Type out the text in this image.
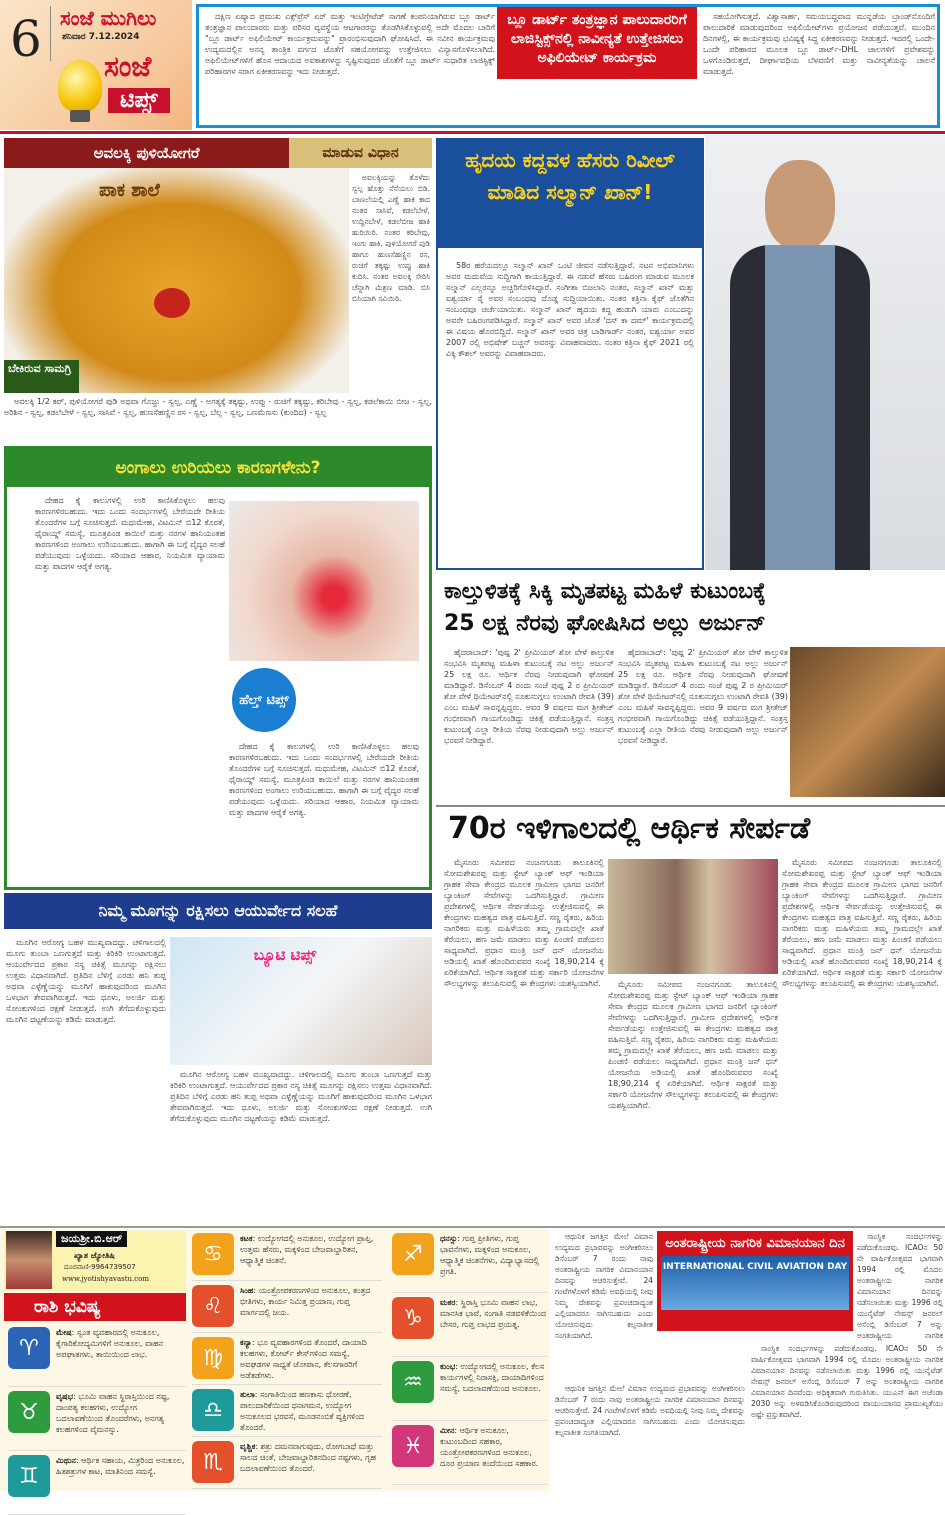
6 ಸಂಜೆ ಮುಗಿಲು
ಶನಿವಾರ 7.12.2024
ಸಂಜೆ
ಟಿಪ್ಸ್
ದಕ್ಷಿಣ ಏಷ್ಯಾದ ಪ್ರಮುಖ ಎಕ್ಸ್‌ಪ್ರೆಸ್ ಏರ್ ಮತ್ತು ಇಂಟಿಗ್ರೇಟೆಡ್ ಸಾಗಣೆ ಕಂಪನಿಯಾಗಿರುವ ಬ್ಲೂ ಡಾರ್ಟ್ ತಂತ್ರಜ್ಞಾನ ಪಾಲುದಾರರು ಮತ್ತು ಪರಿಸರ ವ್ಯವಸ್ಥೆಯ ಆಟಗಾರರನ್ನು ತೊಡಗಿಸಿಕೊಳ್ಳುವಲ್ಲಿ ಅದೇ ಮೊದಲ ಬಾರಿಗೆ "ಬ್ಲೂ ಡಾರ್ಟ್ ಅಫಿಲಿಯೇಟ್ ಕಾರ್ಯಕ್ರಮವನ್ನು" ಪ್ರಾರಂಭಿಸುವುದಾಗಿ ಘೋಷಿಸಿದೆ. ಈ ನವೀನ ಕಾರ್ಯಕ್ರಮವು ಉದ್ಯಮದಲ್ಲಿನ ಅನನ್ಯ ತಾಂತ್ರಿಕ ವರ್ಗದ ಜೊತೆಗೆ ಸಹಯೋಗವನ್ನು ಉತ್ತೇಜಿಸಲು ವಿನ್ಯಾಸಗೊಳಿಸಲಾಗಿದೆ. ಅಫಿಲಿಯೇಟ್‌ಗಳಿಗೆ ಹೊಸ ಆದಾಯದ ಅವಕಾಶಗಳನ್ನು ಸೃಷ್ಟಿಸುವುದರ ಜೊತೆಗೆ ಬ್ಲೂ ಡಾರ್ಟ್ ಸುಧಾರಿತ ಲಾಜಿಸ್ಟಿಕ್ಸ್ ಪರಿಹಾರಗಳ ಸರಾಗ ಏಕೀಕರಣವನ್ನು ಇದು ನೀಡುತ್ತದೆ.
ಬ್ಲೂ ಡಾರ್ಟ್ ತಂತ್ರಜ್ಞಾನ ಪಾಲುದಾರರಿಗೆ ಲಾಜಿಸ್ಟಿಕ್ಸ್‌ನಲ್ಲಿ ನಾವೀನ್ಯತೆ ಉತ್ತೇಜಿಸಲು ಅಫಿಲಿಯೇಟ್ ಕಾರ್ಯಕ್ರಮ
ಸಹಯೋಗಿಸುತ್ತದೆ. ವಿಶ್ವಾಸಾರ್ಹ, ಸಮಯಬದ್ಧವಾದ ಮುನ್ನಡೆಯ ಬ್ರಾಂಡ್‌ನೊಂದಿಗೆ ಪಾಲುದಾರಿಕೆ ಮಾಡುವುದರಿಂದ ಅಫಿಲಿಯೇಟ್‌ಗಳು ಪ್ರಯೋಜನ ಪಡೆಯುತ್ತವೆ. ಮುಂದಿನ ದಿನಗಳಲ್ಲಿ, ಈ ಕಾರ್ಯಕ್ರಮವು ಭವಿಷ್ಯಕ್ಕೆ ಸಿದ್ಧ ಏಕೀಕರಣವನ್ನು ನೀಡುತ್ತದೆ. ಇದರಲ್ಲಿ ಒಂದೇ-ಒಂದೇ ಪರಿಹಾರದ ಮೂಲಕ ಬ್ಲೂ ಡಾರ್ಟ್-DHL ಜಾಲಗಳಿಗೆ ಪ್ರವೇಶವನ್ನು ಒಳಗೊಂಡಿರುತ್ತದೆ, ದೀರ್ಘಾವಧಿಯ ಬೆಳವಣಿಗೆ ಮತ್ತು ನಾವೀನ್ಯತೆಯನ್ನು ಚಾಲನೆ ಮಾಡುತ್ತದೆ.
ಅವಲಕ್ಕಿ ಪುಳಿಯೋಗರೆ	ಮಾಡುವ ವಿಧಾನ
ಪಾಕ ಶಾಲೆ
ಬೇಕಿರುವ ಸಾಮಗ್ರಿ
ಅವಲಕ್ಕಿಯನ್ನು ತೊಳೆದು ಸ್ವಲ್ಪ ಹೊತ್ತು ನೆನೆಯಲು ಬಿಡಿ. ಬಾಣಲೆಯಲ್ಲಿ ಎಣ್ಣೆ ಹಾಕಿ ಕಾದ ನಂತರ ಸಾಸಿವೆ, ಕಡಲೆಬೇಳೆ, ಉದ್ದಿನಬೇಳೆ, ಕಡಲೆಬೀಜ ಹಾಕಿ ಹುರಿಯಿರಿ. ನಂತರ ಕರಿಬೇವು, ಇಂಗು ಹಾಕಿ. ಪುಳಿಯೋಗರೆ ಪುಡಿ ಹಾಗೂ ಹುಣಸೆಹಣ್ಣಿನ ರಸ, ರುಚಿಗೆ ತಕ್ಕಷ್ಟು ಉಪ್ಪು ಹಾಕಿ ಕುದಿಸಿ. ನಂತರ ಅವಲಕ್ಕಿ ಸೇರಿಸಿ ಚೆನ್ನಾಗಿ ಮಿಶ್ರಣ ಮಾಡಿ. ಬಿಸಿ ಬಿಸಿಯಾಗಿ ಸವಿಯಿರಿ.
ಅವಲಕ್ಕಿ 1/2 ಕಪ್, ಪುಳಿಯೋಗರೆ ಪುಡಿ ಅಥವಾ ಗೊಜ್ಜು - ಸ್ವಲ್ಪ, ಎಣ್ಣೆ - ಅಗತ್ಯಕ್ಕೆ ತಕ್ಕಷ್ಟು, ಉಪ್ಪು - ರುಚಿಗೆ ತಕ್ಕಷ್ಟು, ಕರಿಬೇವು - ಸ್ವಲ್ಪ, ಕಡಲೆಕಾಯಿ ಬೀಜ - ಸ್ವಲ್ಪ, ಅರಿಶಿನ - ಸ್ವಲ್ಪ, ಕಡಲೆಬೇಳೆ - ಸ್ವಲ್ಪ, ಸಾಸಿವೆ - ಸ್ವಲ್ಪ, ಹುಣಸೆಹಣ್ಣಿನ ರಸ - ಸ್ವಲ್ಪ, ಬೆಲ್ಲ - ಸ್ವಲ್ಪ, ಒಣಮೆಣಸು (ಕುಂದಿದ) - ಸ್ವಲ್ಪ
ಹೃದಯ ಕದ್ದವಳ ಹೆಸರು ರಿವೀಲ್ ಮಾಡಿದ ಸಲ್ಮಾನ್ ಖಾನ್!
58ರ ಹರೆಯದಲ್ಲೂ ಸಲ್ಮಾನ್ ಖಾನ್ ಒಂಟಿ ಜೀವನ ನಡೆಸುತ್ತಿದ್ದಾರೆ. ನಟನ ಅಭಿಮಾನಿಗಳು ಅವರ ಮದುವೆಯ ಸುದ್ದಿಗಾಗಿ ಕಾಯುತ್ತಿದ್ದಾರೆ. ಈ ನಡುವೆ ಹೆಸರು ಬಹಿರಂಗ ಮಾಡುವ ಮೂಲಕ ಸಲ್ಮಾನ್ ಎಲ್ಲರನ್ನೂ ಅಚ್ಚರಿಗೊಳಿಸಿದ್ದಾರೆ. ಸಂಗೀತಾ ಬಿಜಲಾನಿ ನಂತರ, ಸಲ್ಮಾನ್ ಖಾನ್ ಮತ್ತು ಐಶ್ವರ್ಯಾ ರೈ ಅವರ ಸಂಬಂಧವು ದೊಡ್ಡ ಸುದ್ದಿಯಾಯಿತು. ನಂತರ ಕತ್ರಿನಾ ಕೈಫ್ ಜೊತೆಗಿನ ಸಂಬಂಧವೂ ಚರ್ಚೆಯಾಯಿತು. ಸಲ್ಮಾನ್ ಖಾನ್ ಹೃದಯ ಕದ್ದ ಹುಡುಗಿ ಯಾರು ಎಂಬುದನ್ನು ಅವರೇ ಬಹಿರಂಗಪಡಿಸಿದ್ದಾರೆ. ಸಲ್ಮಾನ್ ಖಾನ್ ಅವರ ಜೊತೆ 'ದಸ್ ಕಾ ದಮ್' ಕಾರ್ಯಕ್ರಮದಲ್ಲಿ ಈ ವಿಷಯ ಹೊರಬಿದ್ದಿದೆ. ಸಲ್ಮಾನ್ ಖಾನ್ ಅವರ ಚಿತ್ರ ಬಾಡಿಗಾರ್ಡ್ ನಂತರ, ಐಶ್ವರ್ಯಾ ಅವರ 2007 ರಲ್ಲಿ ಅಭಿಷೇಕ್ ಬಚ್ಚನ್ ಅವರನ್ನು ವಿವಾಹವಾದರು. ನಂತರ ಕತ್ರಿನಾ ಕೈಫ್ 2021 ರಲ್ಲಿ ವಿಕ್ಕಿ ಕೌಶಲ್ ಅವರನ್ನು ವಿವಾಹವಾದರು.
ಅಂಗಾಲು ಉರಿಯಲು ಕಾರಣಗಳೇನು?
ದೇಹದ ಕೈ ಕಾಲುಗಳಲ್ಲಿ ಉರಿ ಕಾಣಿಸಿಕೊಳ್ಳಲು ಹಲವು ಕಾರಣಗಳಿರಬಹುದು. ಇದು ಒಂದು ಸಂದರ್ಭಗಳಲ್ಲಿ ಬೇರೆಯದೇ ರೀತಿಯ ತೊಂದರೆಗಳ ಬಗ್ಗೆ ಸೂಚಿಸುತ್ತದೆ. ಮಧುಮೇಹ, ವಿಟಮಿನ್ ಬಿ12 ಕೊರತೆ, ಥೈರಾಯ್ಡ್ ಸಮಸ್ಯೆ, ಮೂತ್ರಪಿಂಡ ಕಾಯಿಲೆ ಮತ್ತು ನರಗಳ ಹಾನಿಯಂತಹ ಕಾರಣಗಳಿಂದ ಅಂಗಾಲು ಉರಿಯಬಹುದು. ಹಾಗಾಗಿ ಈ ಬಗ್ಗೆ ವೈದ್ಯರ ಸಲಹೆ ಪಡೆಯುವುದು ಒಳ್ಳೆಯದು. ಸರಿಯಾದ ಆಹಾರ, ನಿಯಮಿತ ವ್ಯಾಯಾಮ ಮತ್ತು ಪಾದಗಳ ಆರೈಕೆ ಅಗತ್ಯ.
ಹೆಲ್ತ್ ಟಿಪ್ಸ್
ದೇಹದ ಕೈ ಕಾಲುಗಳಲ್ಲಿ ಉರಿ ಕಾಣಿಸಿಕೊಳ್ಳಲು ಹಲವು ಕಾರಣಗಳಿರಬಹುದು. ಇದು ಒಂದು ಸಂದರ್ಭಗಳಲ್ಲಿ ಬೇರೆಯದೇ ರೀತಿಯ ತೊಂದರೆಗಳ ಬಗ್ಗೆ ಸೂಚಿಸುತ್ತದೆ. ಮಧುಮೇಹ, ವಿಟಮಿನ್ ಬಿ12 ಕೊರತೆ, ಥೈರಾಯ್ಡ್ ಸಮಸ್ಯೆ, ಮೂತ್ರಪಿಂಡ ಕಾಯಿಲೆ ಮತ್ತು ನರಗಳ ಹಾನಿಯಂತಹ ಕಾರಣಗಳಿಂದ ಅಂಗಾಲು ಉರಿಯಬಹುದು. ಹಾಗಾಗಿ ಈ ಬಗ್ಗೆ ವೈದ್ಯರ ಸಲಹೆ ಪಡೆಯುವುದು ಒಳ್ಳೆಯದು. ಸರಿಯಾದ ಆಹಾರ, ನಿಯಮಿತ ವ್ಯಾಯಾಮ ಮತ್ತು ಪಾದಗಳ ಆರೈಕೆ ಅಗತ್ಯ.
ಕಾಲ್ತುಳಿತಕ್ಕೆ ಸಿಕ್ಕಿ ಮೃತಪಟ್ಟ ಮಹಿಳೆ ಕುಟುಂಬಕ್ಕೆ
25 ಲಕ್ಷ ನೆರವು ಘೋಷಿಸಿದ ಅಲ್ಲು ಅರ್ಜುನ್
ಹೈದರಾಬಾದ್: 'ಪುಷ್ಪ 2' ಪ್ರೀಮಿಯರ್ ಶೋ ವೇಳೆ ಕಾಲ್ತುಳಿತ ಸಂಭವಿಸಿ ಮೃತಪಟ್ಟ ಮಹಿಳಾ ಕುಟುಂಬಕ್ಕೆ ನಟ ಅಲ್ಲು ಅರ್ಜುನ್ 25 ಲಕ್ಷ ರೂ. ಆರ್ಥಿಕ ನೆರವು ನೀಡುವುದಾಗಿ ಘೋಷಣೆ ಮಾಡಿದ್ದಾರೆ. ಡಿಸೆಂಬರ್ 4 ರಂದು ಸಂಜೆ ಪುಷ್ಪ 2 ರ ಪ್ರೀಮಿಯರ್ ಶೋ ವೇಳೆ ಥಿಯೇಟರ್‌ನಲ್ಲಿ ನೂಕುನುಗ್ಗಲು ಉಂಟಾಗಿ ರೇವತಿ (39) ಎಂಬ ಮಹಿಳೆ ಸಾವನ್ನಪ್ಪಿದ್ದರು. ಅವರ 9 ವರ್ಷದ ಮಗ ಶ್ರೀತೇಜ್ ಗಂಭೀರವಾಗಿ ಗಾಯಗೊಂಡಿದ್ದು ಚಿಕಿತ್ಸೆ ಪಡೆಯುತ್ತಿದ್ದಾನೆ. ಸಂತ್ರಸ್ತ ಕುಟುಂಬಕ್ಕೆ ಎಲ್ಲಾ ರೀತಿಯ ನೆರವು ನೀಡುವುದಾಗಿ ಅಲ್ಲು ಅರ್ಜುನ್ ಭರವಸೆ ನೀಡಿದ್ದಾರೆ.
ಹೈದರಾಬಾದ್: 'ಪುಷ್ಪ 2' ಪ್ರೀಮಿಯರ್ ಶೋ ವೇಳೆ ಕಾಲ್ತುಳಿತ ಸಂಭವಿಸಿ ಮೃತಪಟ್ಟ ಮಹಿಳಾ ಕುಟುಂಬಕ್ಕೆ ನಟ ಅಲ್ಲು ಅರ್ಜುನ್ 25 ಲಕ್ಷ ರೂ. ಆರ್ಥಿಕ ನೆರವು ನೀಡುವುದಾಗಿ ಘೋಷಣೆ ಮಾಡಿದ್ದಾರೆ. ಡಿಸೆಂಬರ್ 4 ರಂದು ಸಂಜೆ ಪುಷ್ಪ 2 ರ ಪ್ರೀಮಿಯರ್ ಶೋ ವೇಳೆ ಥಿಯೇಟರ್‌ನಲ್ಲಿ ನೂಕುನುಗ್ಗಲು ಉಂಟಾಗಿ ರೇವತಿ (39) ಎಂಬ ಮಹಿಳೆ ಸಾವನ್ನಪ್ಪಿದ್ದರು. ಅವರ 9 ವರ್ಷದ ಮಗ ಶ್ರೀತೇಜ್ ಗಂಭೀರವಾಗಿ ಗಾಯಗೊಂಡಿದ್ದು ಚಿಕಿತ್ಸೆ ಪಡೆಯುತ್ತಿದ್ದಾನೆ. ಸಂತ್ರಸ್ತ ಕುಟುಂಬಕ್ಕೆ ಎಲ್ಲಾ ರೀತಿಯ ನೆರವು ನೀಡುವುದಾಗಿ ಅಲ್ಲು ಅರ್ಜುನ್ ಭರವಸೆ ನೀಡಿದ್ದಾರೆ.
70ರ ಇಳಿಗಾಲದಲ್ಲಿ ಆರ್ಥಿಕ ಸೇರ್ಪಡೆ
ಮೈಸೂರು ಸಮೀಪದ ನಂಜನಗೂಡು ತಾಲೂಕಿನಲ್ಲಿ ಸೋಮಶೇಖರಪ್ಪ ಮತ್ತು ಸ್ಟೇಟ್ ಬ್ಯಾಂಕ್ ಆಫ್ ಇಂಡಿಯಾ ಗ್ರಾಹಕ ಸೇವಾ ಕೇಂದ್ರದ ಮೂಲಕ ಗ್ರಾಮೀಣ ಭಾಗದ ಜನರಿಗೆ ಬ್ಯಾಂಕಿಂಗ್ ಸೇವೆಗಳನ್ನು ಒದಗಿಸುತ್ತಿದ್ದಾರೆ. ಗ್ರಾಮೀಣ ಪ್ರದೇಶಗಳಲ್ಲಿ ಆರ್ಥಿಕ ಸೇರ್ಪಡೆಯನ್ನು ಉತ್ತೇಜಿಸುವಲ್ಲಿ ಈ ಕೇಂದ್ರಗಳು ಮಹತ್ವದ ಪಾತ್ರ ವಹಿಸುತ್ತಿವೆ. ಸಣ್ಣ ರೈತರು, ಹಿರಿಯ ನಾಗರಿಕರು ಮತ್ತು ಮಹಿಳೆಯರು ತಮ್ಮ ಗ್ರಾಮದಲ್ಲೇ ಖಾತೆ ತೆರೆಯಲು, ಹಣ ಜಮೆ ಮಾಡಲು ಮತ್ತು ಪಿಂಚಣಿ ಪಡೆಯಲು ಸಾಧ್ಯವಾಗಿದೆ. ಪ್ರಧಾನ ಮಂತ್ರಿ ಜನ್ ಧನ್ ಯೋಜನೆಯ ಅಡಿಯಲ್ಲಿ ಖಾತೆ ಹೊಂದಿರುವವರ ಸಂಖ್ಯೆ 18,90,214 ಕ್ಕೆ ಏರಿಕೆಯಾಗಿದೆ. ಆರ್ಥಿಕ ಸಾಕ್ಷರತೆ ಮತ್ತು ಸರ್ಕಾರಿ ಯೋಜನೆಗಳ ಸೌಲಭ್ಯಗಳನ್ನು ತಲುಪಿಸುವಲ್ಲಿ ಈ ಕೇಂದ್ರಗಳು ಯಶಸ್ವಿಯಾಗಿವೆ.	ಮೈಸೂರು ಸಮೀಪದ ನಂಜನಗೂಡು ತಾಲೂಕಿನಲ್ಲಿ ಸೋಮಶೇಖರಪ್ಪ ಮತ್ತು ಸ್ಟೇಟ್ ಬ್ಯಾಂಕ್ ಆಫ್ ಇಂಡಿಯಾ ಗ್ರಾಹಕ ಸೇವಾ ಕೇಂದ್ರದ ಮೂಲಕ ಗ್ರಾಮೀಣ ಭಾಗದ ಜನರಿಗೆ ಬ್ಯಾಂಕಿಂಗ್ ಸೇವೆಗಳನ್ನು ಒದಗಿಸುತ್ತಿದ್ದಾರೆ. ಗ್ರಾಮೀಣ ಪ್ರದೇಶಗಳಲ್ಲಿ ಆರ್ಥಿಕ ಸೇರ್ಪಡೆಯನ್ನು ಉತ್ತೇಜಿಸುವಲ್ಲಿ ಈ ಕೇಂದ್ರಗಳು ಮಹತ್ವದ ಪಾತ್ರ ವಹಿಸುತ್ತಿವೆ. ಸಣ್ಣ ರೈತರು, ಹಿರಿಯ ನಾಗರಿಕರು ಮತ್ತು ಮಹಿಳೆಯರು ತಮ್ಮ ಗ್ರಾಮದಲ್ಲೇ ಖಾತೆ ತೆರೆಯಲು, ಹಣ ಜಮೆ ಮಾಡಲು ಮತ್ತು ಪಿಂಚಣಿ ಪಡೆಯಲು ಸಾಧ್ಯವಾಗಿದೆ. ಪ್ರಧಾನ ಮಂತ್ರಿ ಜನ್ ಧನ್ ಯೋಜನೆಯ ಅಡಿಯಲ್ಲಿ ಖಾತೆ ಹೊಂದಿರುವವರ ಸಂಖ್ಯೆ 18,90,214 ಕ್ಕೆ ಏರಿಕೆಯಾಗಿದೆ. ಆರ್ಥಿಕ ಸಾಕ್ಷರತೆ ಮತ್ತು ಸರ್ಕಾರಿ ಯೋಜನೆಗಳ ಸೌಲಭ್ಯಗಳನ್ನು ತಲುಪಿಸುವಲ್ಲಿ ಈ ಕೇಂದ್ರಗಳು ಯಶಸ್ವಿಯಾಗಿವೆ.
ಮೈಸೂರು ಸಮೀಪದ ನಂಜನಗೂಡು ತಾಲೂಕಿನಲ್ಲಿ ಸೋಮಶೇಖರಪ್ಪ ಮತ್ತು ಸ್ಟೇಟ್ ಬ್ಯಾಂಕ್ ಆಫ್ ಇಂಡಿಯಾ ಗ್ರಾಹಕ ಸೇವಾ ಕೇಂದ್ರದ ಮೂಲಕ ಗ್ರಾಮೀಣ ಭಾಗದ ಜನರಿಗೆ ಬ್ಯಾಂಕಿಂಗ್ ಸೇವೆಗಳನ್ನು ಒದಗಿಸುತ್ತಿದ್ದಾರೆ. ಗ್ರಾಮೀಣ ಪ್ರದೇಶಗಳಲ್ಲಿ ಆರ್ಥಿಕ ಸೇರ್ಪಡೆಯನ್ನು ಉತ್ತೇಜಿಸುವಲ್ಲಿ ಈ ಕೇಂದ್ರಗಳು ಮಹತ್ವದ ಪಾತ್ರ ವಹಿಸುತ್ತಿವೆ. ಸಣ್ಣ ರೈತರು, ಹಿರಿಯ ನಾಗರಿಕರು ಮತ್ತು ಮಹಿಳೆಯರು ತಮ್ಮ ಗ್ರಾಮದಲ್ಲೇ ಖಾತೆ ತೆರೆಯಲು, ಹಣ ಜಮೆ ಮಾಡಲು ಮತ್ತು ಪಿಂಚಣಿ ಪಡೆಯಲು ಸಾಧ್ಯವಾಗಿದೆ. ಪ್ರಧಾನ ಮಂತ್ರಿ ಜನ್ ಧನ್ ಯೋಜನೆಯ ಅಡಿಯಲ್ಲಿ ಖಾತೆ ಹೊಂದಿರುವವರ ಸಂಖ್ಯೆ 18,90,214 ಕ್ಕೆ ಏರಿಕೆಯಾಗಿದೆ. ಆರ್ಥಿಕ ಸಾಕ್ಷರತೆ ಮತ್ತು ಸರ್ಕಾರಿ ಯೋಜನೆಗಳ ಸೌಲಭ್ಯಗಳನ್ನು ತಲುಪಿಸುವಲ್ಲಿ ಈ ಕೇಂದ್ರಗಳು ಯಶಸ್ವಿಯಾಗಿವೆ.
ನಿಮ್ಮ ಮೂಗನ್ನು ರಕ್ಷಿಸಲು ಆಯುರ್ವೇದ ಸಲಹೆ
ಮೂಗಿನ ಆರೋಗ್ಯ ಬಹಳ ಮುಖ್ಯವಾದದ್ದು. ಚಳಿಗಾಲದಲ್ಲಿ ಮೂಗು ತುಂಬಾ ಒಣಗುತ್ತದೆ ಮತ್ತು ಕಿರಿಕಿರಿ ಉಂಟಾಗುತ್ತದೆ. ಆಯುರ್ವೇದದ ಪ್ರಕಾರ ನಸ್ಯ ಚಿಕಿತ್ಸೆ ಮೂಗನ್ನು ರಕ್ಷಿಸಲು ಉತ್ತಮ ವಿಧಾನವಾಗಿದೆ. ಪ್ರತಿದಿನ ಬೆಳಿಗ್ಗೆ ಎರಡು ಹನಿ ತುಪ್ಪ ಅಥವಾ ಎಳ್ಳೆಣ್ಣೆಯನ್ನು ಮೂಗಿಗೆ ಹಾಕುವುದರಿಂದ ಮೂಗಿನ ಒಳಭಾಗ ತೇವವಾಗಿರುತ್ತದೆ. ಇದು ಧೂಳು, ಅಲರ್ಜಿ ಮತ್ತು ಸೋಂಕುಗಳಿಂದ ರಕ್ಷಣೆ ನೀಡುತ್ತದೆ. ಉಗಿ ತೆಗೆದುಕೊಳ್ಳುವುದು ಮೂಗಿನ ದಟ್ಟಣೆಯನ್ನು ಕಡಿಮೆ ಮಾಡುತ್ತದೆ.
ಬ್ಯೂಟಿ ಟಿಪ್ಸ್
ಮೂಗಿನ ಆರೋಗ್ಯ ಬಹಳ ಮುಖ್ಯವಾದದ್ದು. ಚಳಿಗಾಲದಲ್ಲಿ ಮೂಗು ತುಂಬಾ ಒಣಗುತ್ತದೆ ಮತ್ತು ಕಿರಿಕಿರಿ ಉಂಟಾಗುತ್ತದೆ. ಆಯುರ್ವೇದದ ಪ್ರಕಾರ ನಸ್ಯ ಚಿಕಿತ್ಸೆ ಮೂಗನ್ನು ರಕ್ಷಿಸಲು ಉತ್ತಮ ವಿಧಾನವಾಗಿದೆ. ಪ್ರತಿದಿನ ಬೆಳಿಗ್ಗೆ ಎರಡು ಹನಿ ತುಪ್ಪ ಅಥವಾ ಎಳ್ಳೆಣ್ಣೆಯನ್ನು ಮೂಗಿಗೆ ಹಾಕುವುದರಿಂದ ಮೂಗಿನ ಒಳಭಾಗ ತೇವವಾಗಿರುತ್ತದೆ. ಇದು ಧೂಳು, ಅಲರ್ಜಿ ಮತ್ತು ಸೋಂಕುಗಳಿಂದ ರಕ್ಷಣೆ ನೀಡುತ್ತದೆ. ಉಗಿ ತೆಗೆದುಕೊಳ್ಳುವುದು ಮೂಗಿನ ದಟ್ಟಣೆಯನ್ನು ಕಡಿಮೆ ಮಾಡುತ್ತದೆ.
ಜಯಶ್ರೀ.ಬಿ.ಆರ್
ಖ್ಯಾತ ಜ್ಯೋತಿಷಿ
ದೂರವಾಣಿ-9964739507
www.jyotishyavastu.com
ರಾಶಿ ಭವಿಷ್ಯ
♈
ಮೇಷ: ಸ್ವಂತ ವ್ಯವಹಾರದಲ್ಲಿ ಅನುಕೂಲ, ಕೈಗಾರಿಕೋದ್ಯಮಿಗಳಿಗೆ ಅನುಕೂಲ, ವಾಹನ ಅಪಘಾತಗಳು, ತಾಯಿಯಿಂದ ಲಾಭ.
♉
ವೃಷಭ: ಭೂಮಿ ವಾಹನ ಸ್ಥಿರಾಸ್ತಿಯಿಂದ ನಷ್ಟ, ದಾಂಪತ್ಯ ಕಲಹಗಳು, ಉದ್ಯೋಗ ಬದಲಾವಣೆಯಿಂದ ತೊಂದರೆಗಳು, ಅನಗತ್ಯ ಕಲಹಗಳಿಂದ ವೈಮನಸ್ಸು.
♊
ಮಿಥುನ: ಆರ್ಥಿಕ ಸಹಾಯ, ಮಿತ್ರರಿಂದ ಅನುಕೂಲ, ಹಿತಶತ್ರುಗಳ ಕಾಟ, ಮಾತಿನಿಂದ ಸಮಸ್ಯೆ.
♋
ಕಟಕ: ಉದ್ಯೋಗದಲ್ಲಿ ಅನುಕೂಲ, ಉದ್ಯೋಗ ಪ್ರಾಪ್ತಿ, ಉತ್ತಮ ಹೆಸರು, ಮಕ್ಕಳಿಂದ ಬೇಜವಾಬ್ದಾರಿತನ, ಆಧ್ಯಾತ್ಮಿಕ ಚಿಂತನೆ.
♌
ಸಿಂಹ: ಯಂತ್ರೋಪಕರಣಗಳಿಂದ ಅನುಕೂಲ, ತಂತ್ರದ ಭೀತಿಗಳು, ಕಾರ್ಯ ನಿಮಿತ್ತ ಪ್ರಯಾಣ, ಗುಪ್ತ ಮಾರ್ಗದಲ್ಲಿ ಜಯ.
♍
ಕನ್ಯಾ: ಭೂ ವ್ಯವಹಾರಗಳಿಂದ ತೊಂದರೆ, ದಾಯಾದಿ ಕಲಹಗಳು, ಕೋರ್ಟ್ ಕೇಸ್‌ಗಳಿಂದ ಸಮಸ್ಯೆ, ಅವಘಡಗಳ ಸಾಧ್ಯತೆ ಜೋಪಾನ, ಕೆಲಸಗಾರರಿಗೆ ಅಡೆತಡೆಗಳು.
♎
ತುಲಾ: ಸಂಗಾತಿಯಿಂದ ಹಣಕಾಸು ಧೋರಣೆ, ಪಾಲುದಾರಿಕೆಯಿಂದ ಧನಾಗಮನ, ಉದ್ಯೋಗ ಅನುಕೂಲದ ಭರವಸೆ, ಮೂಡನಂಬಿಕೆ ವ್ಯಕ್ತಿಗಳಿಂದ ತೊಂದರೆ.
♏
ವೃಶ್ಚಿಕ: ಶತ್ರು ದಮನವಾಗುವುದು, ರೋಗಬಾಧೆ ಮತ್ತು ಸಾಲದ ಚಿಂತೆ, ಬೇಜವಾಬ್ದಾರಿತನದಿಂದ ನಷ್ಟಗಳು, ಗೃಹ ಬದಲಾವಣೆಯಿಂದ ತೊಂದರೆ.
♐
ಧನಸ್ಸು: ಗುಪ್ತ ಪ್ರೀತಿಗಳು, ಗುಪ್ತ ಭಾವನೆಗಳು, ಮಕ್ಕಳಿಂದ ಅನುಕೂಲ, ಆಧ್ಯಾತ್ಮಿಕ ಚಿಂತನೆಗಳು, ವಿದ್ಯಾಭ್ಯಾಸದಲ್ಲಿ ಪ್ರಗತಿ.
♑
ಮಕರ: ಸ್ಥಿರಾಸ್ತಿ ಭೂಮಿ ವಾಹನ ಲಾಭ, ಮಾನಸಿಕ ಭಾವೆ, ಸಂಗಾತಿ ನಡವಳಿಕೆಯಿಂದ ಬೇಸರ, ಗುಪ್ತ ಲಾಭದ ಪ್ರಯತ್ನ.
♒
ಕುಂಭ: ಉದ್ಯೋಗದಲ್ಲಿ ಅನುಕೂಲ, ಕೆಲಸ ಕಾರ್ಯಗಳಲ್ಲಿ ನಿರಾಸಕ್ತಿ, ದಾಯಾದಿಗಳಿಂದ ಸಮಸ್ಯೆ, ಬದಲಾವಣೆಯಿಂದ ಅನುಕೂಲ.
♓
ಮೀನ: ಆರ್ಥಿಕ ಅನುಕೂಲ, ಕುಟುಂಬದಿಂದ ಸಹಕಾರ, ಯಂತ್ರೋಪಕರಣಗಳಿಂದ ಅನುಕೂಲ, ದೂರ ಪ್ರಯಾಣ ತಂದೆಯಿಂದ ಸಹಕಾರ.
ಆಧುನಿಕ ಜಗತ್ತಿನ ಮೇಲೆ ವಿಮಾನ ಉದ್ಯಮದ ಪ್ರಭಾವವನ್ನು ಅಂಗೀಕರಿಸಲು ಡಿಸೆಂಬರ್ 7 ರಂದು ನಾವು ಅಂತರಾಷ್ಟ್ರೀಯ ನಾಗರಿಕ ವಿಮಾನಯಾನ ದಿನವನ್ನು ಆಚರಿಸುತ್ತೇವೆ. 24 ಗಂಟೆಗಳೊಳಗೆ ಕಡಿಮೆ ಅವಧಿಯಲ್ಲಿ ನೀವು ನಿಮ್ಮ ದೇಶವನ್ನು ಪ್ರಪಂಚದಾದ್ಯಂತ ಎಲ್ಲಿಯಾದರೂ ಸಾಗಿಸಬಹುದು ಎಂದು ಯೋಚಿಸುವುದು ಕಲ್ಪನಾತೀತ ಸಂಗತಿಯಾಗಿದೆ.
ಅಂತರಾಷ್ಟ್ರೀಯ ನಾಗರಿಕ ವಿಮಾನಯಾನ ದಿನ
INTERNATIONAL CIVIL AVIATION DAY
ಸಾಂಸ್ಥಿಕ ಸಂದರ್ಭಗಳನ್ನು ಪಡೆದುಕೊಂಡವು. ICAOನ 50 ನೇ ವಾರ್ಷಿಕೋತ್ಸವದ ಭಾಗವಾಗಿ 1994 ರಲ್ಲಿ ಮೊದಲ ಅಂತರಾಷ್ಟ್ರೀಯ ನಾಗರಿಕ ವಿಮಾನಯಾನ ದಿನವನ್ನು ನಡೆಸಲಾಯಿತು ಮತ್ತು 1996 ರಲ್ಲಿ ಯುನೈಟೆಡ್ ನೇಷನ್ಸ್ ಜನರಲ್ ಅಸೆಂಬ್ಲಿ ಡಿಸೆಂಬರ್ 7 ಅನ್ನು ಅಂತರಾಷ್ಟ್ರೀಯ ನಾಗರಿಕ
ಆಧುನಿಕ ಜಗತ್ತಿನ ಮೇಲೆ ವಿಮಾನ ಉದ್ಯಮದ ಪ್ರಭಾವವನ್ನು ಅಂಗೀಕರಿಸಲು ಡಿಸೆಂಬರ್ 7 ರಂದು ನಾವು ಅಂತರಾಷ್ಟ್ರೀಯ ನಾಗರಿಕ ವಿಮಾನಯಾನ ದಿನವನ್ನು ಆಚರಿಸುತ್ತೇವೆ. 24 ಗಂಟೆಗಳೊಳಗೆ ಕಡಿಮೆ ಅವಧಿಯಲ್ಲಿ ನೀವು ನಿಮ್ಮ ದೇಶವನ್ನು ಪ್ರಪಂಚದಾದ್ಯಂತ ಎಲ್ಲಿಯಾದರೂ ಸಾಗಿಸಬಹುದು ಎಂದು ಯೋಚಿಸುವುದು ಕಲ್ಪನಾತೀತ ಸಂಗತಿಯಾಗಿದೆ.
ಸಾಂಸ್ಥಿಕ ಸಂದರ್ಭಗಳನ್ನು ಪಡೆದುಕೊಂಡವು. ICAOನ 50 ನೇ ವಾರ್ಷಿಕೋತ್ಸವದ ಭಾಗವಾಗಿ 1994 ರಲ್ಲಿ ಮೊದಲ ಅಂತರಾಷ್ಟ್ರೀಯ ನಾಗರಿಕ ವಿಮಾನಯಾನ ದಿನವನ್ನು ನಡೆಸಲಾಯಿತು ಮತ್ತು 1996 ರಲ್ಲಿ ಯುನೈಟೆಡ್ ನೇಷನ್ಸ್ ಜನರಲ್ ಅಸೆಂಬ್ಲಿ ಡಿಸೆಂಬರ್ 7 ಅನ್ನು ಅಂತರಾಷ್ಟ್ರೀಯ ನಾಗರಿಕ ವಿಮಾನಯಾನ ದಿನವೆಂದು ಅಧಿಕೃತವಾಗಿ ಗುರುತಿಸಿತು. ಯುಎನ್ ಈಗ ಅಜೆಂಡಾ 2030 ಅನ್ನು ಅಳವಡಿಸಿಕೊಂಡಿರುವುದರಿಂದ ವಾಯುಯಾನದ ಪ್ರಾಮುಖ್ಯತೆಯು ಅಷ್ಟೇ ಪ್ರಸ್ತುತವಾಗಿದೆ.
